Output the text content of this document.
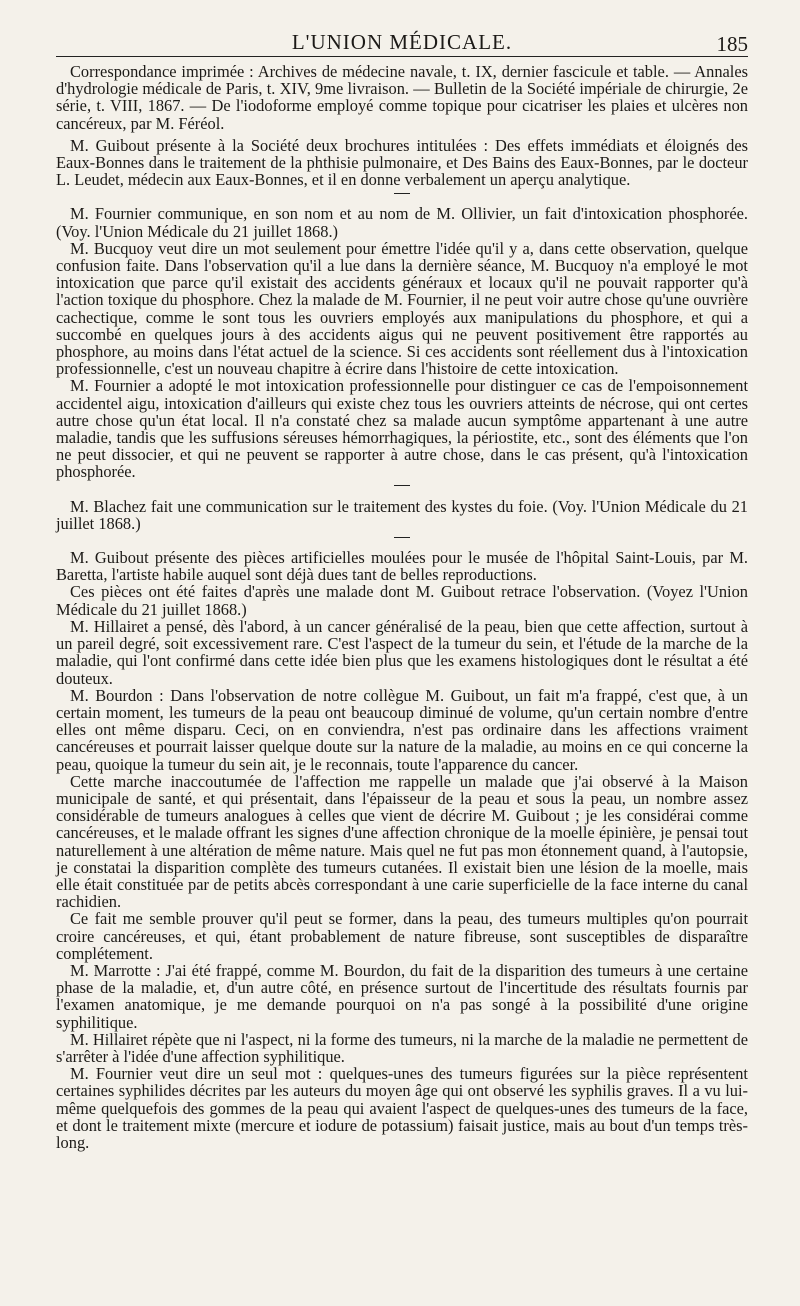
L'UNION MÉDICALE.	185

Correspondance imprimée : Archives de médecine navale, t. IX, dernier fascicule et table. — Annales d'hydrologie médicale de Paris, t. XIV, 9me livraison. — Bulletin de la Société impériale de chirurgie, 2e série, t. VIII, 1867. — De l'iodoforme employé comme topique pour cicatriser les plaies et ulcères non cancéreux, par M. Féréol.

M. Guibout présente à la Société deux brochures intitulées : Des effets immédiats et éloignés des Eaux-Bonnes dans le traitement de la phthisie pulmonaire, et Des Bains des Eaux-Bonnes, par le docteur L. Leudet, médecin aux Eaux-Bonnes, et il en donne verbalement un aperçu analytique.

M. Fournier communique, en son nom et au nom de M. Ollivier, un fait d'intoxication phosphorée. (Voy. l'Union Médicale du 21 juillet 1868.)

M. Bucquoy veut dire un mot seulement pour émettre l'idée qu'il y a, dans cette observation, quelque confusion faite. Dans l'observation qu'il a lue dans la dernière séance, M. Bucquoy n'a employé le mot intoxication que parce qu'il existait des accidents généraux et locaux qu'il ne pouvait rapporter qu'à l'action toxique du phosphore. Chez la malade de M. Fournier, il ne peut voir autre chose qu'une ouvrière cachectique, comme le sont tous les ouvriers employés aux manipulations du phosphore, et qui a succombé en quelques jours à des accidents aigus qui ne peuvent positivement être rapportés au phosphore, au moins dans l'état actuel de la science. Si ces accidents sont réellement dus à l'intoxication professionnelle, c'est un nouveau chapitre à écrire dans l'histoire de cette intoxication.

M. Fournier a adopté le mot intoxication professionnelle pour distinguer ce cas de l'empoisonnement accidentel aigu, intoxication d'ailleurs qui existe chez tous les ouvriers atteints de nécrose, qui ont certes autre chose qu'un état local. Il n'a constaté chez sa malade aucun symptôme appartenant à une autre maladie, tandis que les suffusions séreuses hémorrhagiques, la périostite, etc., sont des éléments que l'on ne peut dissocier, et qui ne peuvent se rapporter à autre chose, dans le cas présent, qu'à l'intoxication phosphorée.

M. Blachez fait une communication sur le traitement des kystes du foie. (Voy. l'Union Médicale du 21 juillet 1868.)

M. Guibout présente des pièces artificielles moulées pour le musée de l'hôpital Saint-Louis, par M. Baretta, l'artiste habile auquel sont déjà dues tant de belles reproductions.

Ces pièces ont été faites d'après une malade dont M. Guibout retrace l'observation. (Voyez l'Union Médicale du 21 juillet 1868.)

M. Hillairet a pensé, dès l'abord, à un cancer généralisé de la peau, bien que cette affection, surtout à un pareil degré, soit excessivement rare. C'est l'aspect de la tumeur du sein, et l'étude de la marche de la maladie, qui l'ont confirmé dans cette idée bien plus que les examens histologiques dont le résultat a été douteux.

M. Bourdon : Dans l'observation de notre collègue M. Guibout, un fait m'a frappé, c'est que, à un certain moment, les tumeurs de la peau ont beaucoup diminué de volume, qu'un certain nombre d'entre elles ont même disparu. Ceci, on en conviendra, n'est pas ordinaire dans les affections vraiment cancéreuses et pourrait laisser quelque doute sur la nature de la maladie, au moins en ce qui concerne la peau, quoique la tumeur du sein ait, je le reconnais, toute l'apparence du cancer.

Cette marche inaccoutumée de l'affection me rappelle un malade que j'ai observé à la Maison municipale de santé, et qui présentait, dans l'épaisseur de la peau et sous la peau, un nombre assez considérable de tumeurs analogues à celles que vient de décrire M. Guibout ; je les considérai comme cancéreuses, et le malade offrant les signes d'une affection chronique de la moelle épinière, je pensai tout naturellement à une altération de même nature. Mais quel ne fut pas mon étonnement quand, à l'autopsie, je constatai la disparition complète des tumeurs cutanées. Il existait bien une lésion de la moelle, mais elle était constituée par de petits abcès correspondant à une carie superficielle de la face interne du canal rachidien.

Ce fait me semble prouver qu'il peut se former, dans la peau, des tumeurs multiples qu'on pourrait croire cancéreuses, et qui, étant probablement de nature fibreuse, sont susceptibles de disparaître complétement.

M. Marrotte : J'ai été frappé, comme M. Bourdon, du fait de la disparition des tumeurs à une certaine phase de la maladie, et, d'un autre côté, en présence surtout de l'incertitude des résultats fournis par l'examen anatomique, je me demande pourquoi on n'a pas songé à la possibilité d'une origine syphilitique.

M. Hillairet répète que ni l'aspect, ni la forme des tumeurs, ni la marche de la maladie ne permettent de s'arrêter à l'idée d'une affection syphilitique.

M. Fournier veut dire un seul mot : quelques-unes des tumeurs figurées sur la pièce représentent certaines syphilides décrites par les auteurs du moyen âge qui ont observé les syphilis graves. Il a vu lui-même quelquefois des gommes de la peau qui avaient l'aspect de quelques-unes des tumeurs de la face, et dont le traitement mixte (mercure et iodure de potassium) faisait justice, mais au bout d'un temps très-long.
